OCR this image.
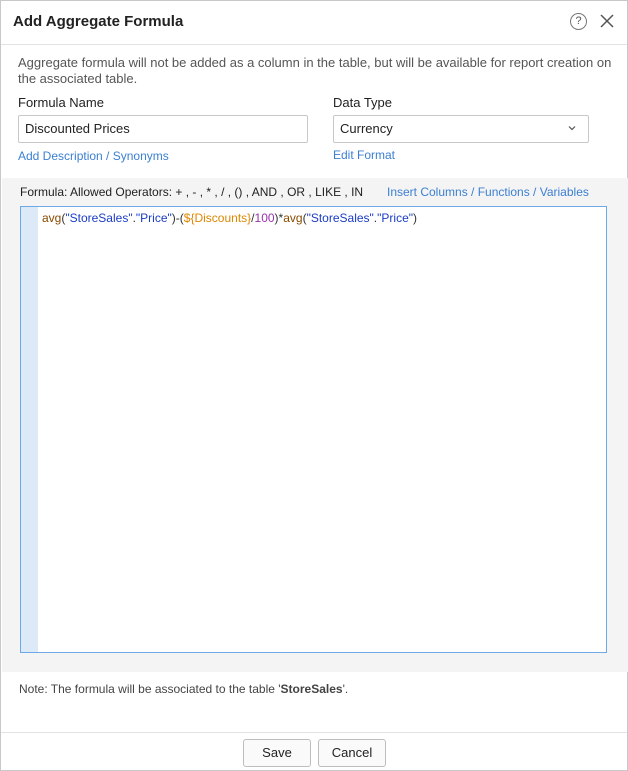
Add Aggregate Formula	?
Aggregate formula will not be added as a column in the table, but will be available for report creation on the associated table.
Formula Name
Discounted Prices
Add Description / Synonyms
Data Type
Currency
Edit Format
Formula: Allowed Operators: + , - , * , / , () , AND , OR , LIKE , IN Insert Columns / Functions / Variables
avg("StoreSales"."Price")-(${Discounts}/100)*avg("StoreSales"."Price")
Note: The formula will be associated to the table 'StoreSales'.
Save	Cancel
